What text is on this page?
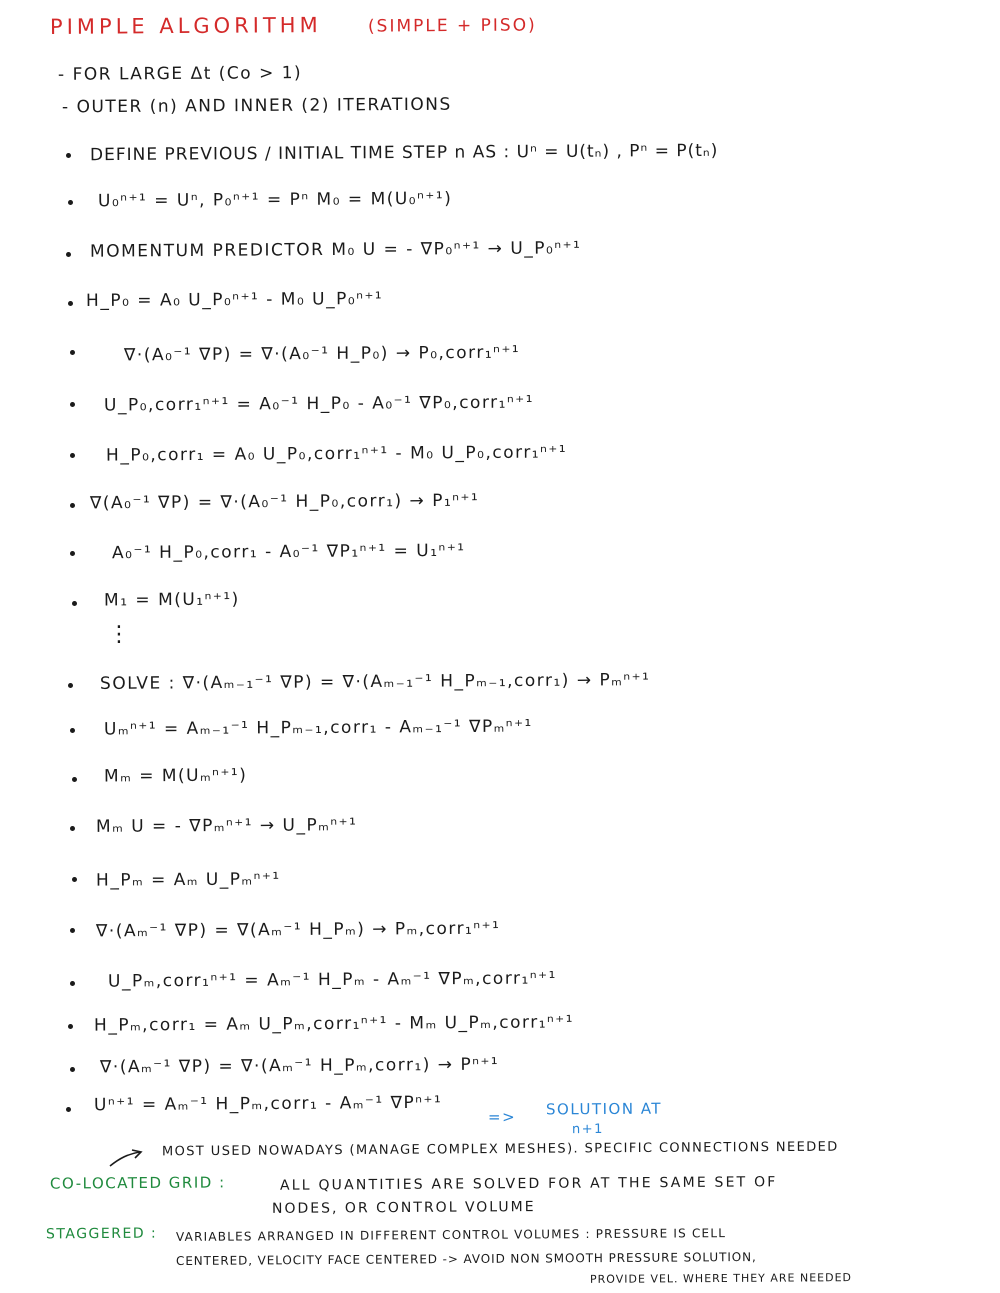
PIMPLE ALGORITHM	(SIMPLE + PISO)
- FOR LARGE Δt (Co > 1)
- OUTER (n) AND INNER (2) ITERATIONS
DEFINE PREVIOUS / INITIAL TIME STEP n AS : Uⁿ = U(tₙ) , Pⁿ = P(tₙ)
U₀ⁿ⁺¹ = Uⁿ, P₀ⁿ⁺¹ = Pⁿ M₀ = M(U₀ⁿ⁺¹)
MOMENTUM PREDICTOR M₀ U = - ∇P₀ⁿ⁺¹ → U_P₀ⁿ⁺¹
H_P₀ = A₀ U_P₀ⁿ⁺¹ - M₀ U_P₀ⁿ⁺¹
∇·(A₀⁻¹ ∇P) = ∇·(A₀⁻¹ H_P₀) → P₀,corr₁ⁿ⁺¹
U_P₀,corr₁ⁿ⁺¹ = A₀⁻¹ H_P₀ - A₀⁻¹ ∇P₀,corr₁ⁿ⁺¹
H_P₀,corr₁ = A₀ U_P₀,corr₁ⁿ⁺¹ - M₀ U_P₀,corr₁ⁿ⁺¹
∇(A₀⁻¹ ∇P) = ∇·(A₀⁻¹ H_P₀,corr₁) → P₁ⁿ⁺¹
A₀⁻¹ H_P₀,corr₁ - A₀⁻¹ ∇P₁ⁿ⁺¹ = U₁ⁿ⁺¹
M₁ = M(U₁ⁿ⁺¹)
⋮
SOLVE : ∇·(Aₘ₋₁⁻¹ ∇P) = ∇·(Aₘ₋₁⁻¹ H_Pₘ₋₁,corr₁) → Pₘⁿ⁺¹
Uₘⁿ⁺¹ = Aₘ₋₁⁻¹ H_Pₘ₋₁,corr₁ - Aₘ₋₁⁻¹ ∇Pₘⁿ⁺¹
Mₘ = M(Uₘⁿ⁺¹)
Mₘ U = - ∇Pₘⁿ⁺¹ → U_Pₘⁿ⁺¹
H_Pₘ = Aₘ U_Pₘⁿ⁺¹
∇·(Aₘ⁻¹ ∇P) = ∇(Aₘ⁻¹ H_Pₘ) → Pₘ,corr₁ⁿ⁺¹
U_Pₘ,corr₁ⁿ⁺¹ = Aₘ⁻¹ H_Pₘ - Aₘ⁻¹ ∇Pₘ,corr₁ⁿ⁺¹
H_Pₘ,corr₁ = Aₘ U_Pₘ,corr₁ⁿ⁺¹ - Mₘ U_Pₘ,corr₁ⁿ⁺¹
∇·(Aₘ⁻¹ ∇P) = ∇·(Aₘ⁻¹ H_Pₘ,corr₁) → Pⁿ⁺¹
Uⁿ⁺¹ = Aₘ⁻¹ H_Pₘ,corr₁ - Aₘ⁻¹ ∇Pⁿ⁺¹
=> SOLUTION AT
n+1
MOST USED NOWADAYS (MANAGE COMPLEX MESHES). SPECIFIC CONNECTIONS NEEDED
CO-LOCATED GRID :	ALL QUANTITIES ARE SOLVED FOR AT THE SAME SET OF
NODES, OR CONTROL VOLUME
STAGGERED : VARIABLES ARRANGED IN DIFFERENT CONTROL VOLUMES : PRESSURE IS CELL
CENTERED, VELOCITY FACE CENTERED -> AVOID NON SMOOTH PRESSURE SOLUTION,
PROVIDE VEL. WHERE THEY ARE NEEDED
